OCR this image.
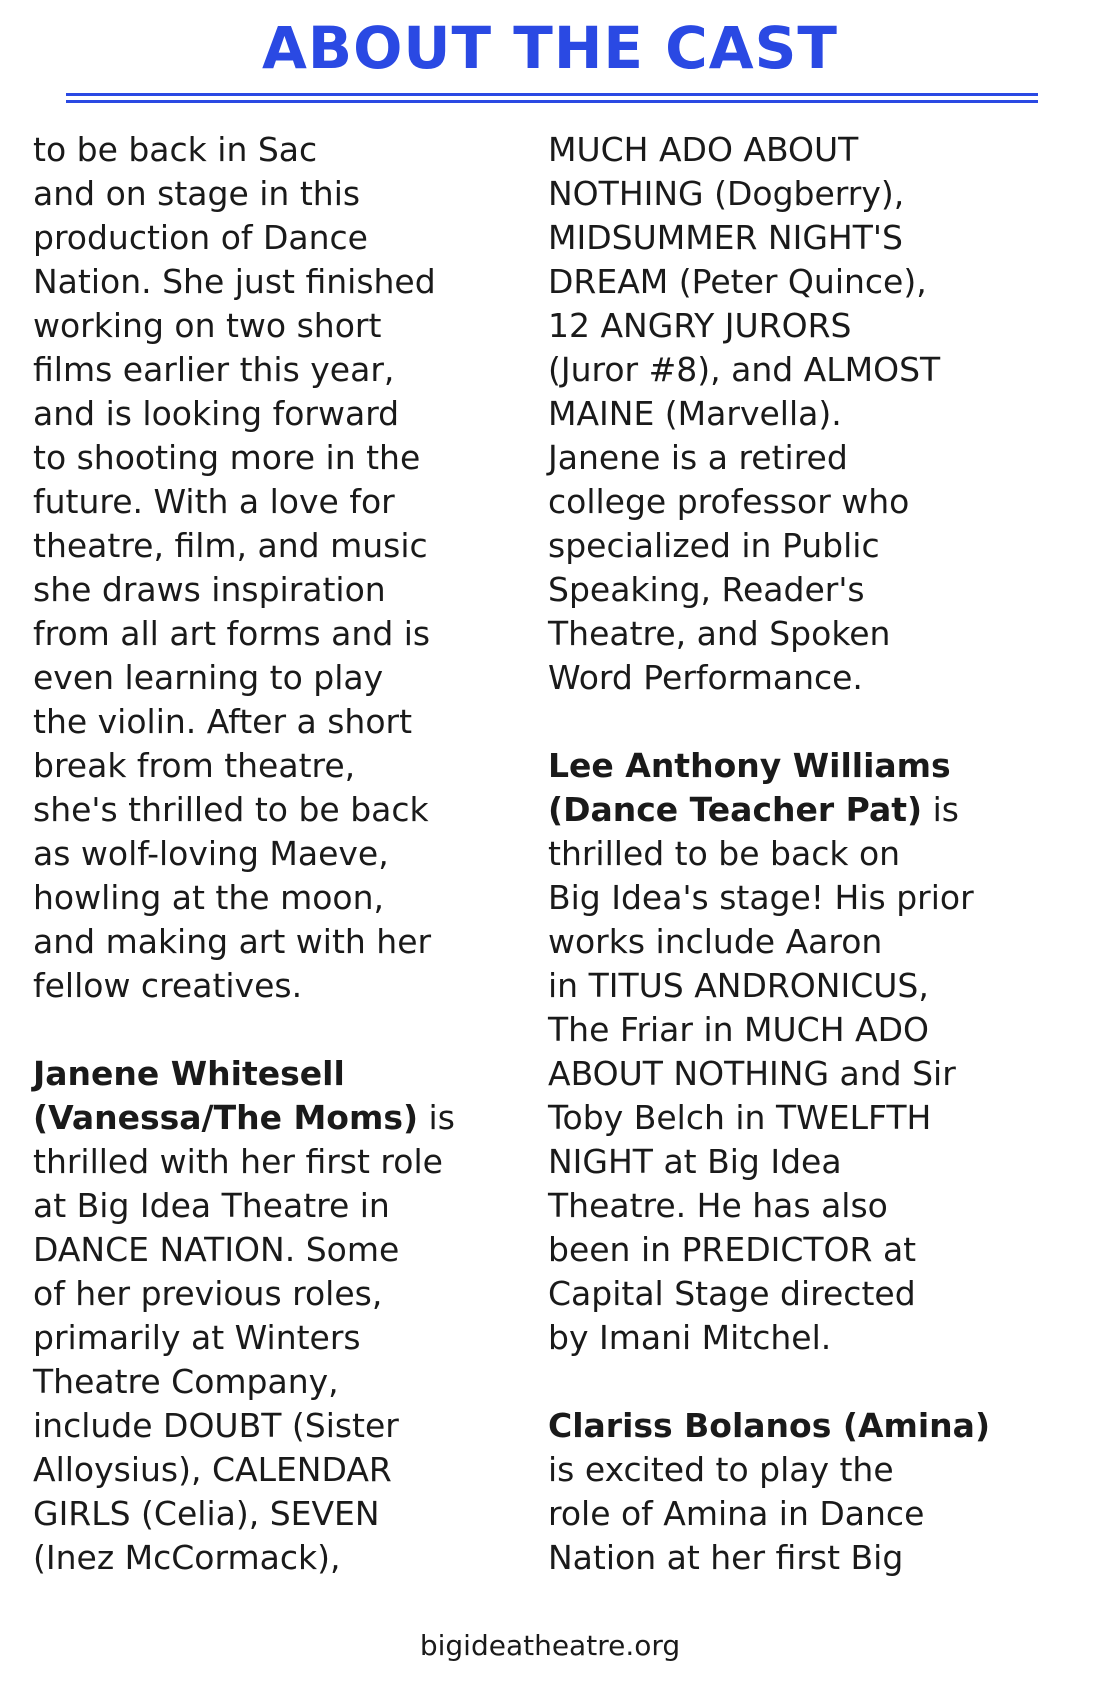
ABOUT THE CAST

to be back in Sac
and on stage in this
production of Dance
Nation. She just finished
working on two short
films earlier this year,
and is looking forward
to shooting more in the
future. With a love for
theatre, film, and music
she draws inspiration
from all art forms and is
even learning to play
the violin. After a short
break from theatre,
she's thrilled to be back
as wolf-loving Maeve,
howling at the moon,
and making art with her
fellow creatives.

Janene Whitesell
(Vanessa/The Moms) is
thrilled with her first role
at Big Idea Theatre in
DANCE NATION. Some
of her previous roles,
primarily at Winters
Theatre Company,
include DOUBT (Sister
Alloysius), CALENDAR
GIRLS (Celia), SEVEN
(Inez McCormack),

MUCH ADO ABOUT
NOTHING (Dogberry),
MIDSUMMER NIGHT'S
DREAM (Peter Quince),
12 ANGRY JURORS
(Juror #8), and ALMOST
MAINE (Marvella).
Janene is a retired
college professor who
specialized in Public
Speaking, Reader's
Theatre, and Spoken
Word Performance.

Lee Anthony Williams
(Dance Teacher Pat) is
thrilled to be back on
Big Idea's stage! His prior
works include Aaron
in TITUS ANDRONICUS,
The Friar in MUCH ADO
ABOUT NOTHING and Sir
Toby Belch in TWELFTH
NIGHT at Big Idea
Theatre. He has also
been in PREDICTOR at
Capital Stage directed
by Imani Mitchel.

Clariss Bolanos (Amina)
is excited to play the
role of Amina in Dance
Nation at her first Big

bigideatheatre.org
